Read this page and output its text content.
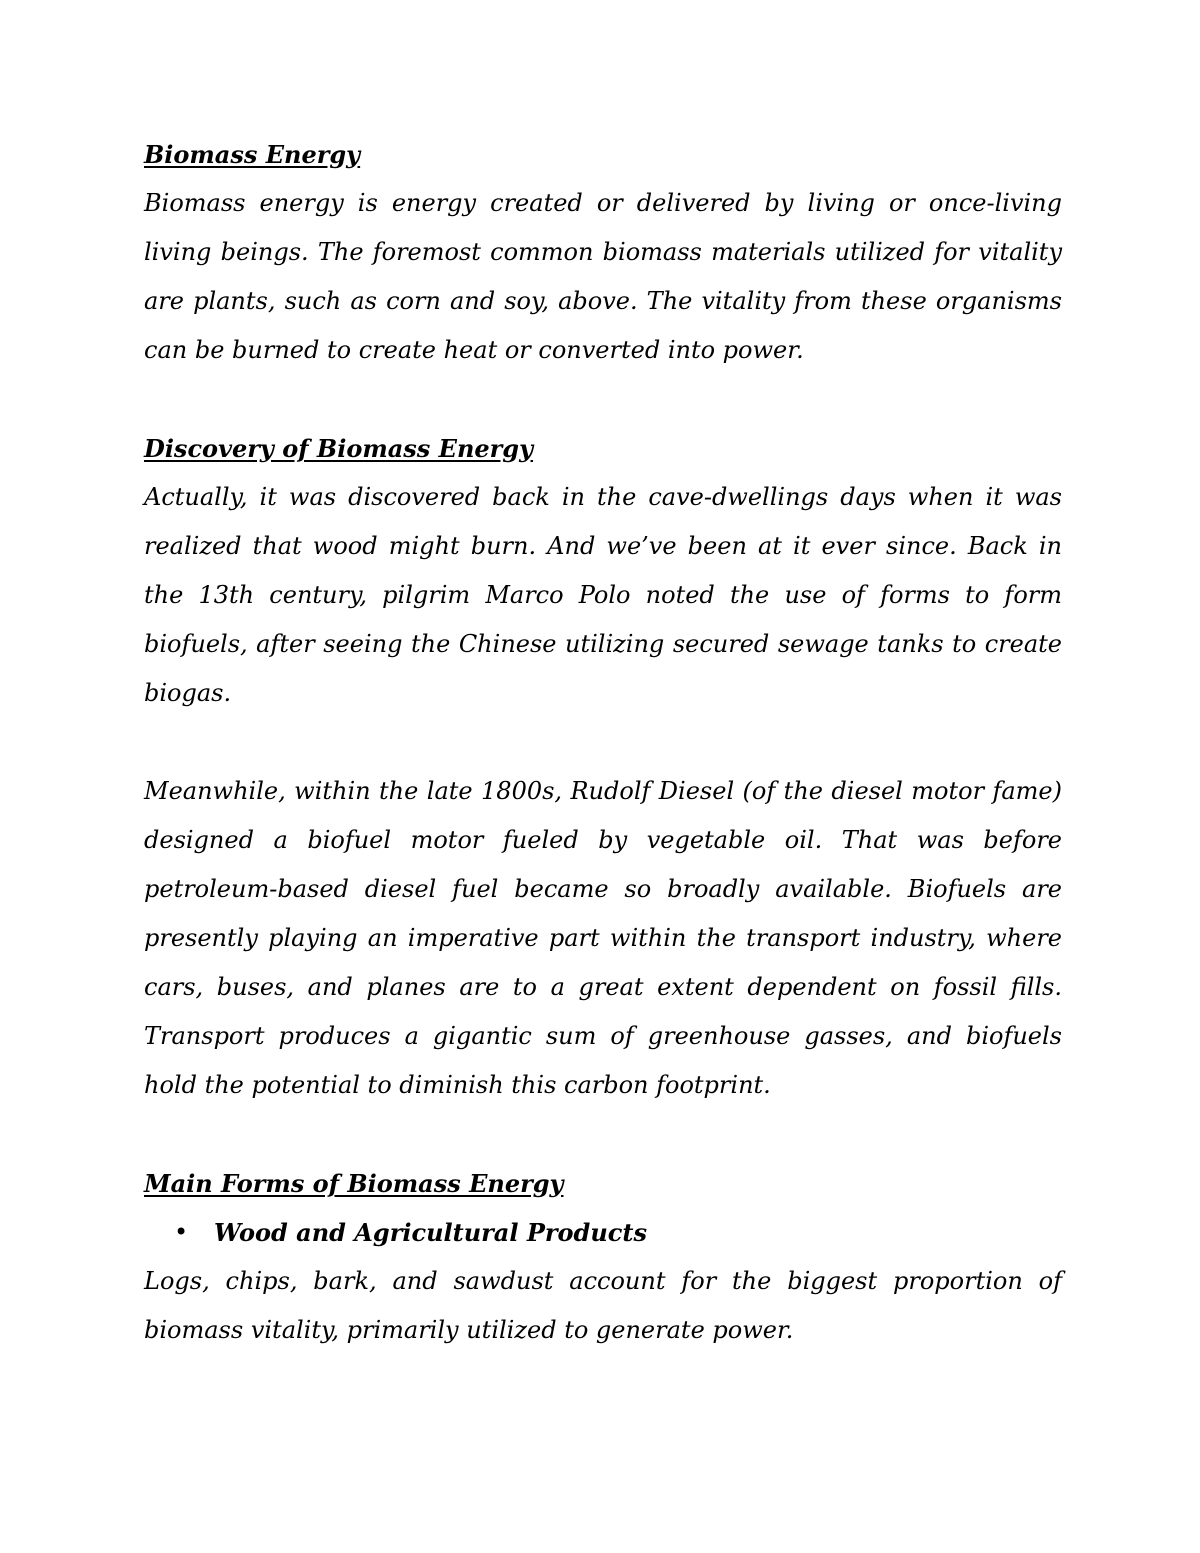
Biomass Energy

Biomass energy is energy created or delivered by living or once-living living beings. The foremost common biomass materials utilized for vitality are plants, such as corn and soy, above. The vitality from these organisms can be burned to create heat or converted into power.

Discovery of Biomass Energy

Actually, it was discovered back in the cave-dwellings days when it was realized that wood might burn. And we’ve been at it ever since. Back in the 13th century, pilgrim Marco Polo noted the use of forms to form biofuels, after seeing the Chinese utilizing secured sewage tanks to create biogas.

Meanwhile, within the late 1800s, Rudolf Diesel (of the diesel motor fame) designed a biofuel motor fueled by vegetable oil. That was before petroleum-based diesel fuel became so broadly available. Biofuels are presently playing an imperative part within the transport industry, where cars, buses, and planes are to a great extent dependent on fossil fills. Transport produces a gigantic sum of greenhouse gasses, and biofuels hold the potential to diminish this carbon footprint.

Main Forms of Biomass Energy
• Wood and Agricultural Products

Logs, chips, bark, and sawdust account for the biggest proportion of biomass vitality, primarily utilized to generate power.
